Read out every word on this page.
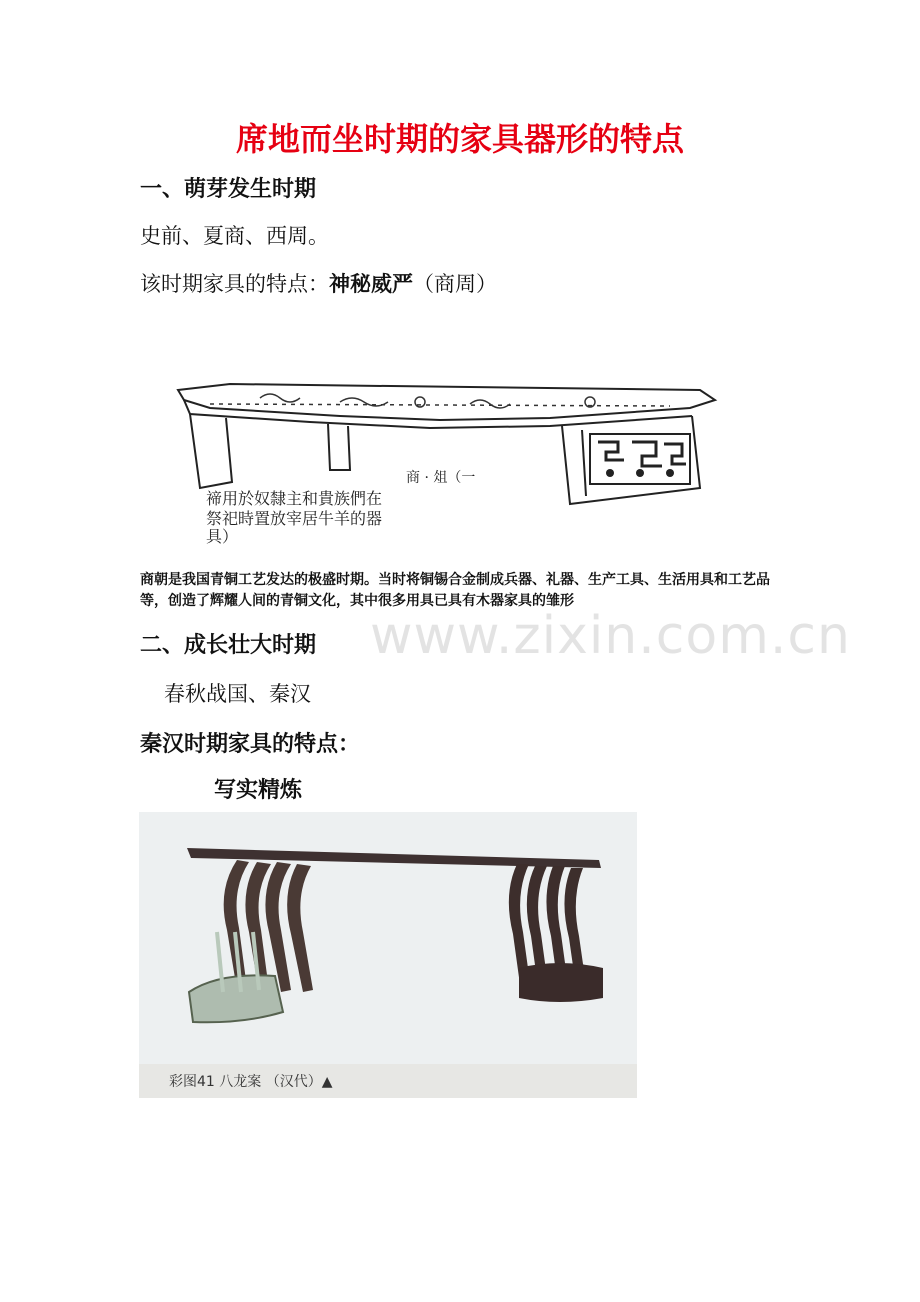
席地而坐时期的家具器形的特点
一、萌芽发生时期
史前、夏商、西周。
该时期家具的特点：神秘威严（商周）
商 · 俎（一
禘用於奴隸主和貴族們在
祭祀時置放宰居牛羊的器
具）
商朝是我国青铜工艺发达的极盛时期。当时将铜锡合金制成兵器、礼器、生产工具、生活用具和工艺品等，创造了辉耀人间的青铜文化，其中很多用具已具有木器家具的雏形
www.zixin.com.cn
二、成长壮大时期
春秋战国、秦汉
秦汉时期家具的特点：
写实精炼
彩图41 八龙案 （汉代）▲
